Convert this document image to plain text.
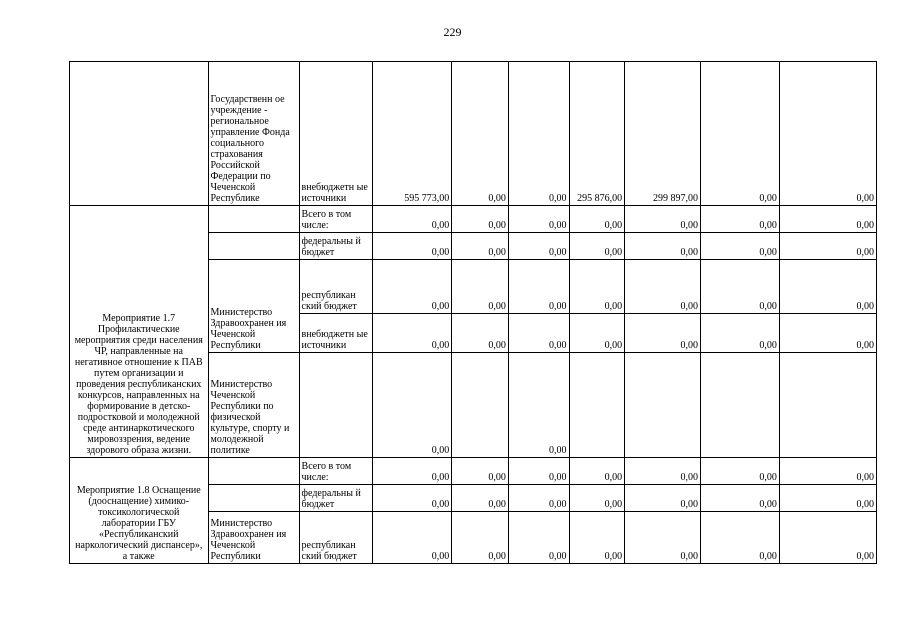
229
	Государственн ое учреждение - региональное управление Фонда социального страхования Российской Федерации по Чеченской Республике	внебюджетн ые источники	595 773,00	0,00	0,00	295 876,00	299 897,00	0,00	0,00
Мероприятие 1.7 Профилактические мероприятия среди населения ЧР, направленные на негативное отношение к ПАВ путем организации и проведения республиканских конкурсов, направленных на формирование в детско-подростковой и молодежной среде антинаркотического мировоззрения, ведение здорового образа жизни.		Всего в том числе:	0,00	0,00	0,00	0,00	0,00	0,00	0,00
		федеральны й бюджет	0,00	0,00	0,00	0,00	0,00	0,00	0,00
	Министерство Здравоохранен ия Чеченской Республики	республикан ский бюджет	0,00	0,00	0,00	0,00	0,00	0,00	0,00
		внебюджетн ые источники	0,00	0,00	0,00	0,00	0,00	0,00	0,00
	Министерство Чеченской Республики по физической культуре, спорту и молодежной политике		0,00		0,00				
Мероприятие 1.8 Оснащение (дооснащение) химико-токсикологической лаборатории ГБУ «Республиканский наркологический диспансер», а также		Всего в том числе:	0,00	0,00	0,00	0,00	0,00	0,00	0,00
		федеральны й бюджет	0,00	0,00	0,00	0,00	0,00	0,00	0,00
	Министерство Здравоохранен ия Чеченской Республики	республикан ский бюджет	0,00	0,00	0,00	0,00	0,00	0,00	0,00
